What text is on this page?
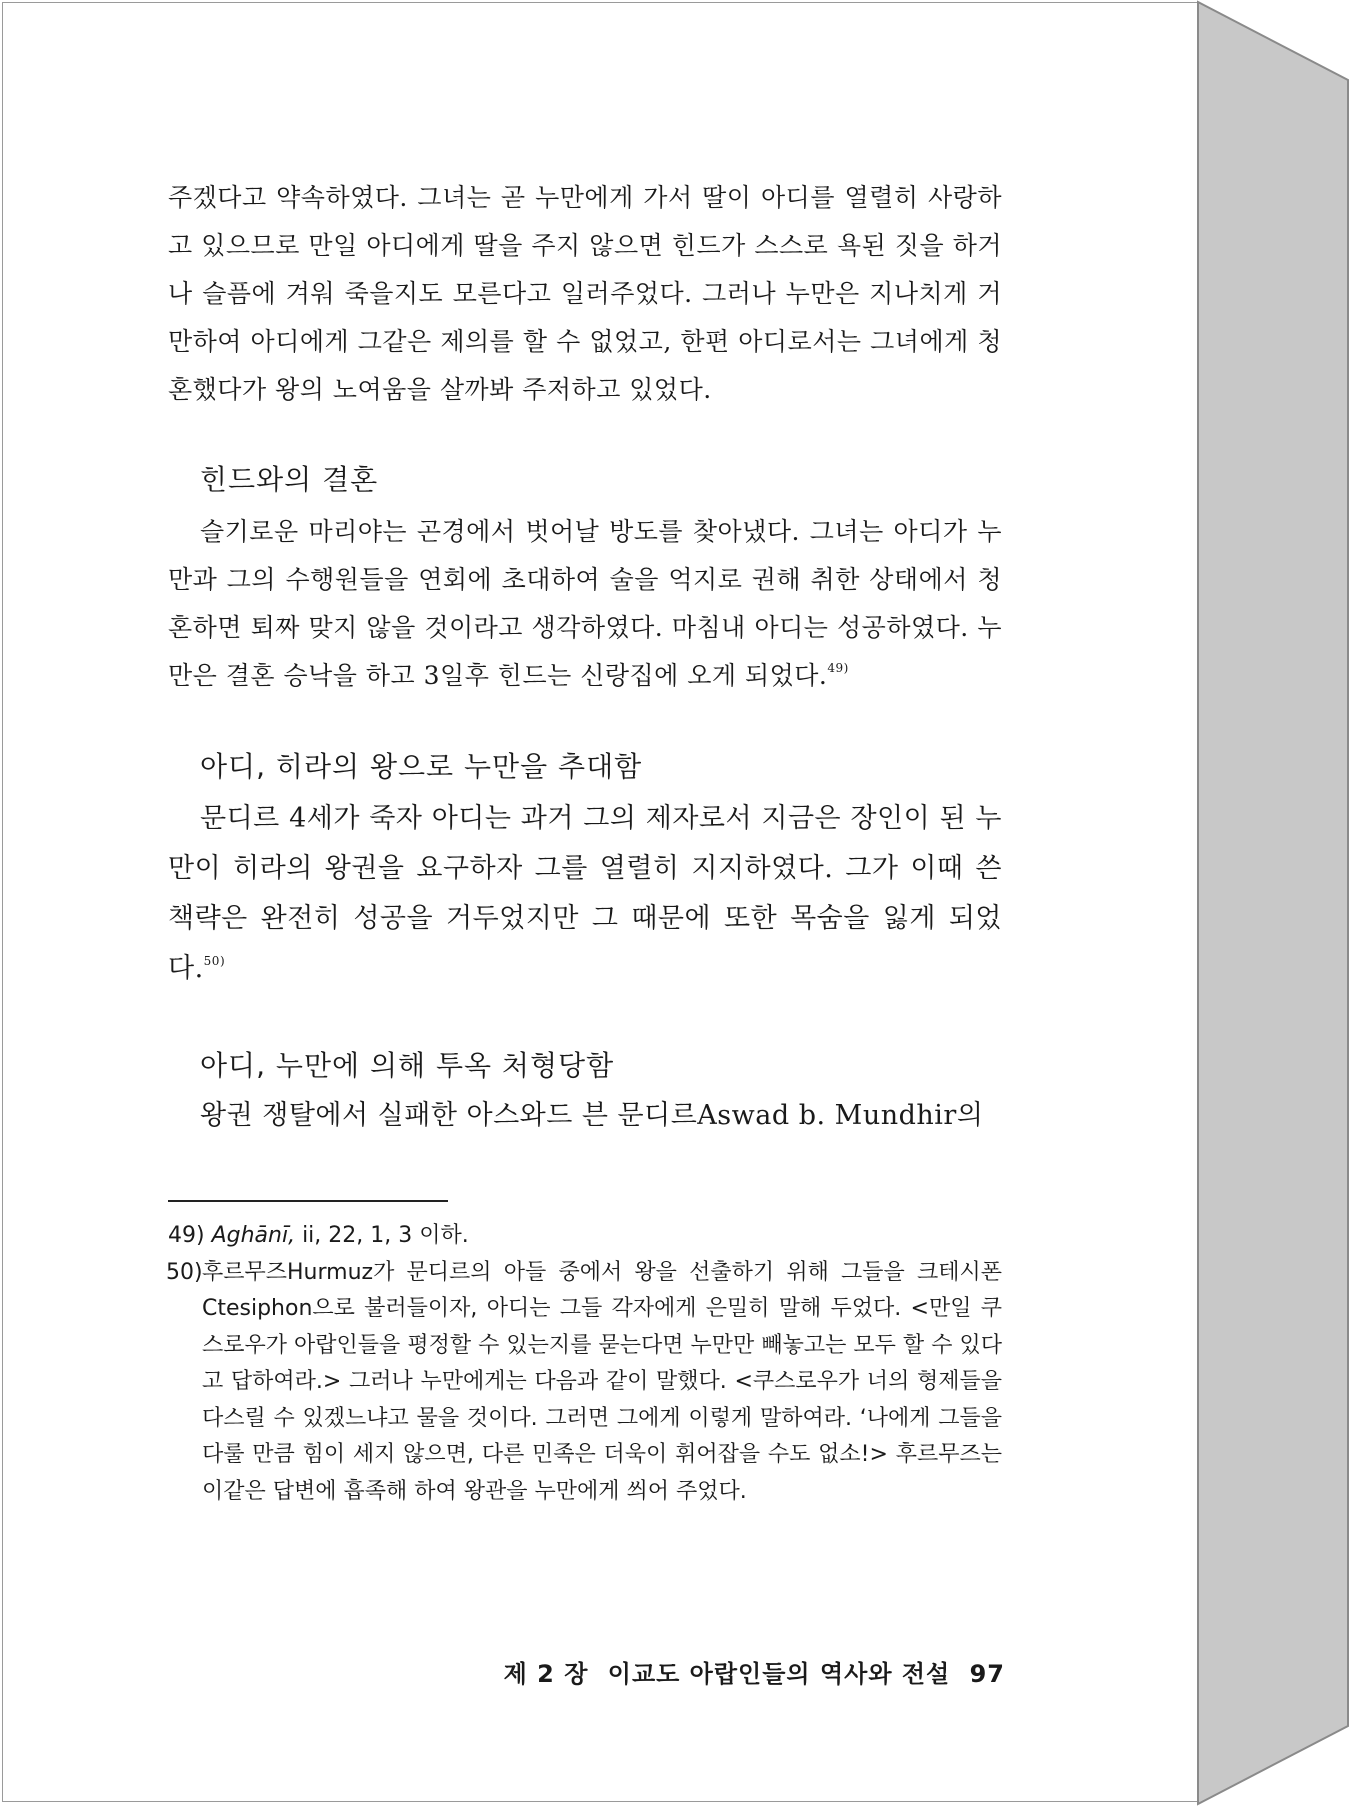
주겠다고 약속하였다. 그녀는 곧 누만에게 가서 딸이 아디를 열렬히 사랑하고 있으므로 만일 아디에게 딸을 주지 않으면 힌드가 스스로 욕된 짓을 하거나 슬픔에 겨워 죽을지도 모른다고 일러주었다. 그러나 누만은 지나치게 거만하여 아디에게 그같은 제의를 할 수 없었고, 한편 아디로서는 그녀에게 청혼했다가 왕의 노여움을 살까봐 주저하고 있었다.

힌드와의 결혼

슬기로운 마리야는 곤경에서 벗어날 방도를 찾아냈다. 그녀는 아디가 누만과 그의 수행원들을 연회에 초대하여 술을 억지로 권해 취한 상태에서 청혼하면 퇴짜 맞지 않을 것이라고 생각하였다. 마침내 아디는 성공하였다. 누만은 결혼 승낙을 하고 3일후 힌드는 신랑집에 오게 되었다.$^{49)}$

아디, 히라의 왕으로 누만을 추대함

문디르 4세가 죽자 아디는 과거 그의 제자로서 지금은 장인이 된 누만이 히라의 왕권을 요구하자 그를 열렬히 지지하였다. 그가 이때 쓴 책략은 완전히 성공을 거두었지만 그 때문에 또한 목숨을 잃게 되었다.$^{50)}$

아디, 누만에 의해 투옥 처형당함

왕권 쟁탈에서 실패한 아스와드 븐 문디르Aswad b. Mundhir의

49) Aghānī, ii, 22, 1, 3 이하.
50) 후르무즈Hurmuz가 문디르의 아들 중에서 왕을 선출하기 위해 그들을 크테시폰Ctesiphon으로 불러들이자, 아디는 그들 각자에게 은밀히 말해 두었다. <만일 쿠스로우가 아랍인들을 평정할 수 있는지를 묻는다면 누만만 빼놓고는 모두 할 수 있다고 답하여라.> 그러나 누만에게는 다음과 같이 말했다. <쿠스로우가 너의 형제들을 다스릴 수 있겠느냐고 물을 것이다. 그러면 그에게 이렇게 말하여라. ‘나에게 그들을 다룰 만큼 힘이 세지 않으면, 다른 민족은 더욱이 휘어잡을 수도 없소!> 후르무즈는 이같은 답변에 흡족해 하여 왕관을 누만에게 씌어 주었다.
제 2 장 이교도 아랍인들의 역사와 전설 97
